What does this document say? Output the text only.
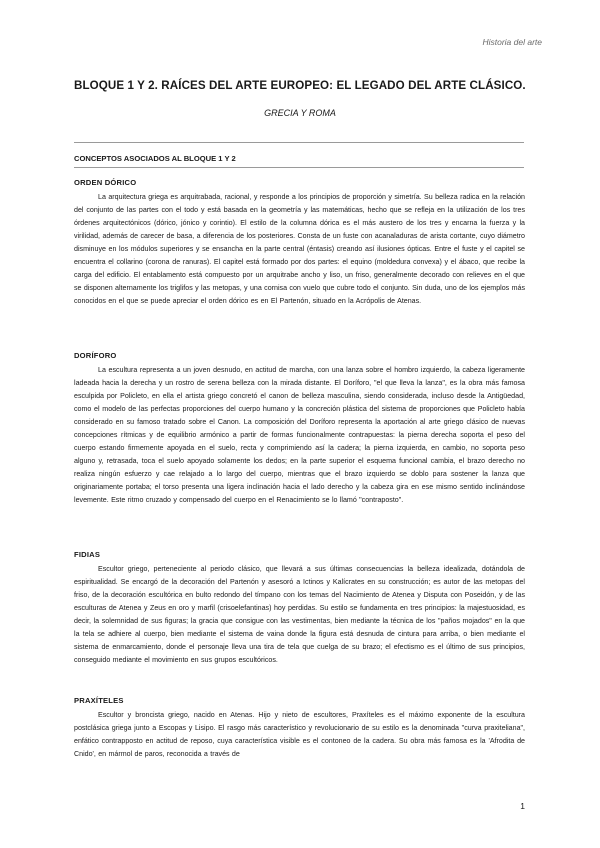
Historia del arte
BLOQUE 1 Y 2. RAÍCES DEL ARTE EUROPEO: EL LEGADO DEL ARTE CLÁSICO.
GRECIA Y ROMA
CONCEPTOS ASOCIADOS AL BLOQUE 1 Y 2

ORDEN DÓRICO

La arquitectura griega es arquitrabada, racional, y responde a los principios de proporción y simetría. Su belleza radica en la relación del conjunto de las partes con el todo y está basada en la geometría y las matemáticas, hecho que se refleja en la utilización de los tres órdenes arquitectónicos (dórico, jónico y corintio). El estilo de la columna dórica es el más austero de los tres y encarna la fuerza y la virilidad, además de carecer de basa, a diferencia de los posteriores. Consta de un fuste con acanaladuras de arista cortante, cuyo diámetro disminuye en los módulos superiores y se ensancha en la parte central (éntasis) creando así ilusiones ópticas. Entre el fuste y el capitel se encuentra el collarino (corona de ranuras). El capitel está formado por dos partes: el equino (moldedura convexa) y el ábaco, que recibe la carga del edificio. El entablamento está compuesto por un arquitrabe ancho y liso, un friso, generalmente decorado con relieves en el que se disponen alternamente los triglifos y las metopas, y una cornisa con vuelo que cubre todo el conjunto. Sin duda, uno de los ejemplos más conocidos en el que se puede apreciar el orden dórico es en El Partenón, situado en la Acrópolis de Atenas.

DORÍFORO

La escultura representa a un joven desnudo, en actitud de marcha, con una lanza sobre el hombro izquierdo, la cabeza ligeramente ladeada hacia la derecha y un rostro de serena belleza con la mirada distante. El Doríforo, "el que lleva la lanza", es la obra más famosa esculpida por Policleto, en ella el artista griego concretó el canon de belleza masculina, siendo considerada, incluso desde la Antigüedad, como el modelo de las perfectas proporciones del cuerpo humano y la concreción plástica del sistema de proporciones que Policleto había considerado en su famoso tratado sobre el Canon. La composición del Doríforo representa la aportación al arte griego clásico de nuevas concepciones rítmicas y de equilibrio armónico a partir de formas funcionalmente contrapuestas: la pierna derecha soporta el peso del cuerpo estando firmemente apoyada en el suelo, recta y comprimiendo así la cadera; la pierna izquierda, en cambio, no soporta peso alguno y, retrasada, toca el suelo apoyado solamente los dedos; en la parte superior el esquema funcional cambia, el brazo derecho no realiza ningún esfuerzo y cae relajado a lo largo del cuerpo, mientras que el brazo izquierdo se doblo para sostener la lanza que originariamente portaba; el torso presenta una ligera inclinación hacia el lado derecho y la cabeza gira en ese mismo sentido inclinándose levemente. Este ritmo cruzado y compensado del cuerpo en el Renacimiento se lo llamó "contraposto".

FIDIAS

Escultor griego, perteneciente al periodo clásico, que llevará a sus últimas consecuencias la belleza idealizada, dotándola de espiritualidad. Se encargó de la decoración del Partenón y asesoró a Ictinos y Kalícrates en su construcción; es autor de las metopas del friso, de la decoración escultórica en bulto redondo del tímpano con los temas del Nacimiento de Atenea y Disputa con Poseidón, y de las esculturas de Atenea y Zeus en oro y marfil (crisoelefantinas) hoy perdidas. Su estilo se fundamenta en tres principios: la majestuosidad, es decir, la solemnidad de sus figuras; la gracia que consigue con las vestimentas, bien mediante la técnica de los "paños mojados" en la que la tela se adhiere al cuerpo, bien mediante el sistema de vaina donde la figura está desnuda de cintura para arriba, o bien mediante el sistema de enmarcamiento, donde el personaje lleva una tira de tela que cuelga de su brazo; el efectismo es el último de sus principios, conseguido mediante el movimiento en sus grupos escultóricos.

PRAXÍTELES

Escultor y broncista griego, nacido en Atenas. Hijo y nieto de escultores, Praxíteles es el máximo exponente de la escultura postclásica griega junto a Escopas y Lisipo. El rasgo más característico y revolucionario de su estilo es la denominada "curva praxiteliana", enfático contrapposto en actitud de reposo, cuya característica visible es el contoneo de la cadera. Su obra más famosa es la 'Afrodita de Cnido', en mármol de paros, reconocida a través de

1
